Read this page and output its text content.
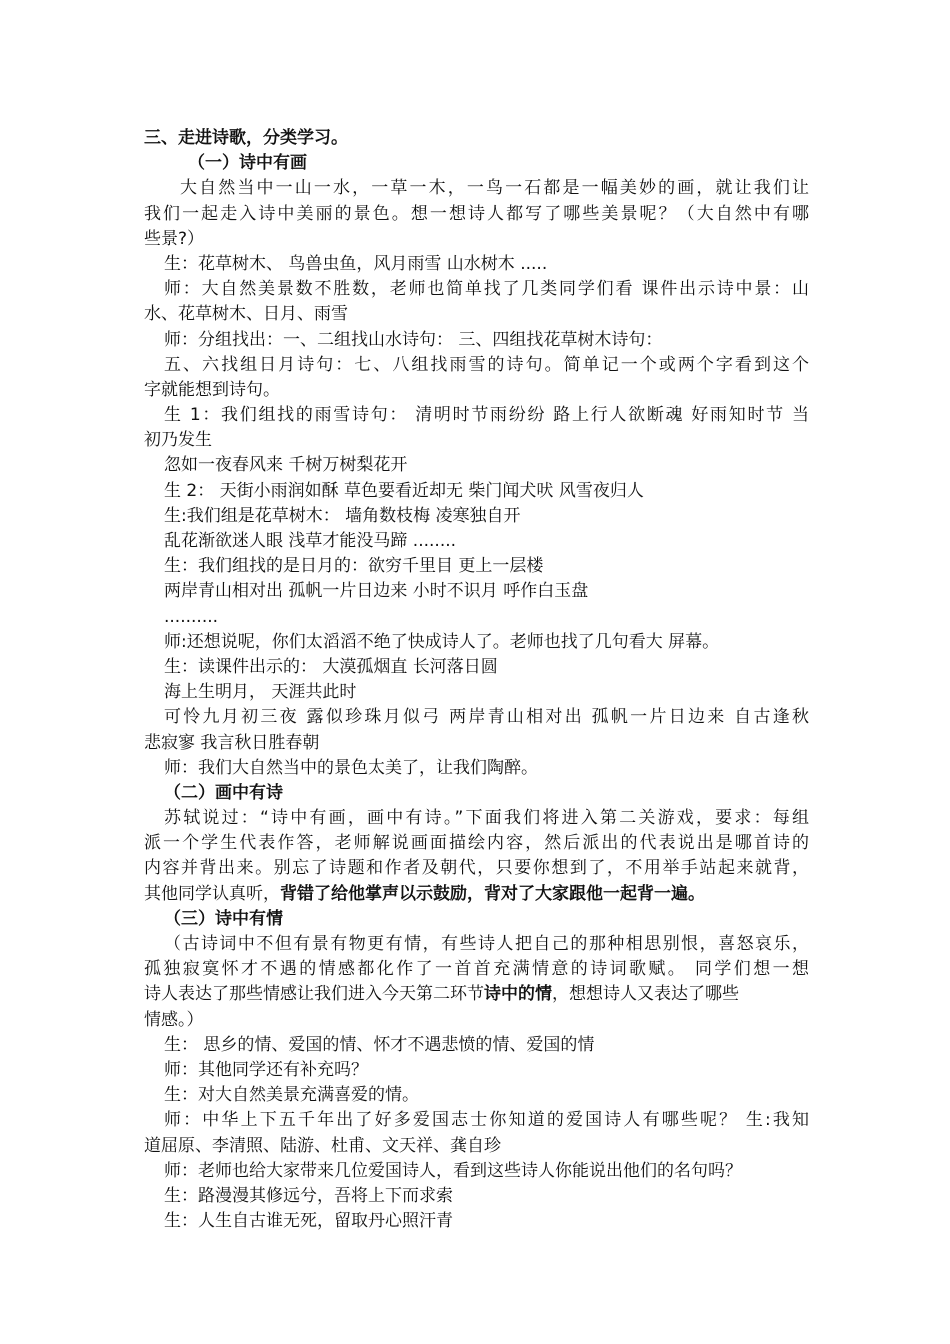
三、走进诗歌，分类学习。
（一）诗中有画
大自然当中一山一水，一草一木，一鸟一石都是一幅美妙的画，就让我们让
我们一起走入诗中美丽的景色。想一想诗人都写了哪些美景呢？（大自然中有哪
些景?）
生：花草树木、 鸟兽虫鱼，风月雨雪 山水树木 .....
师：大自然美景数不胜数，老师也简单找了几类同学们看 课件出示诗中景：山
水、花草树木、日月、雨雪
师：分组找出：一、二组找山水诗句： 三、四组找花草树木诗句：
五、六找组日月诗句：七、八组找雨雪的诗句。简单记一个或两个字看到这个
字就能想到诗句。
生 1：我们组找的雨雪诗句： 清明时节雨纷纷 路上行人欲断魂 好雨知时节 当
初乃发生
忽如一夜春风来 千树万树梨花开
生 2： 天街小雨润如酥 草色要看近却无 柴门闻犬吠 风雪夜归人
生:我们组是花草树木： 墙角数枝梅 凌寒独自开
乱花渐欲迷人眼 浅草才能没马蹄 ........
生：我们组找的是日月的：欲穷千里目 更上一层楼
两岸青山相对出 孤帆一片日边来 小时不识月 呼作白玉盘
..........
师:还想说呢，你们太滔滔不绝了快成诗人了。老师也找了几句看大 屏幕。
生：读课件出示的： 大漠孤烟直 长河落日圆
海上生明月， 天涯共此时
可怜九月初三夜 露似珍珠月似弓 两岸青山相对出 孤帆一片日边来 自古逢秋
悲寂寥 我言秋日胜春朝
师：我们大自然当中的景色太美了，让我们陶醉。
（二）画中有诗
苏轼说过：“诗中有画，画中有诗。”下面我们将进入第二关游戏，要求：每组
派一个学生代表作答，老师解说画面描绘内容，然后派出的代表说出是哪首诗的
内容并背出来。别忘了诗题和作者及朝代，只要你想到了，不用举手站起来就背，
其他同学认真听，背错了给他掌声以示鼓励，背对了大家跟他一起背一遍。
（三）诗中有情
（古诗词中不但有景有物更有情，有些诗人把自己的那种相思别恨，喜怒哀乐，
孤独寂寞怀才不遇的情感都化作了一首首充满情意的诗词歌赋。 同学们想一想
诗人表达了那些情感让我们进入今天第二环节诗中的情，想想诗人又表达了哪些
情感。）
生： 思乡的情、爱国的情、怀才不遇悲愤的情、爱国的情
师：其他同学还有补充吗？
生：对大自然美景充满喜爱的情。
师：中华上下五千年出了好多爱国志士你知道的爱国诗人有哪些呢？ 生:我知
道屈原、李清照、陆游、杜甫、文天祥、龚自珍
师：老师也给大家带来几位爱国诗人，看到这些诗人你能说出他们的名句吗？
生：路漫漫其修远兮，吾将上下而求索
生：人生自古谁无死，留取丹心照汗青
